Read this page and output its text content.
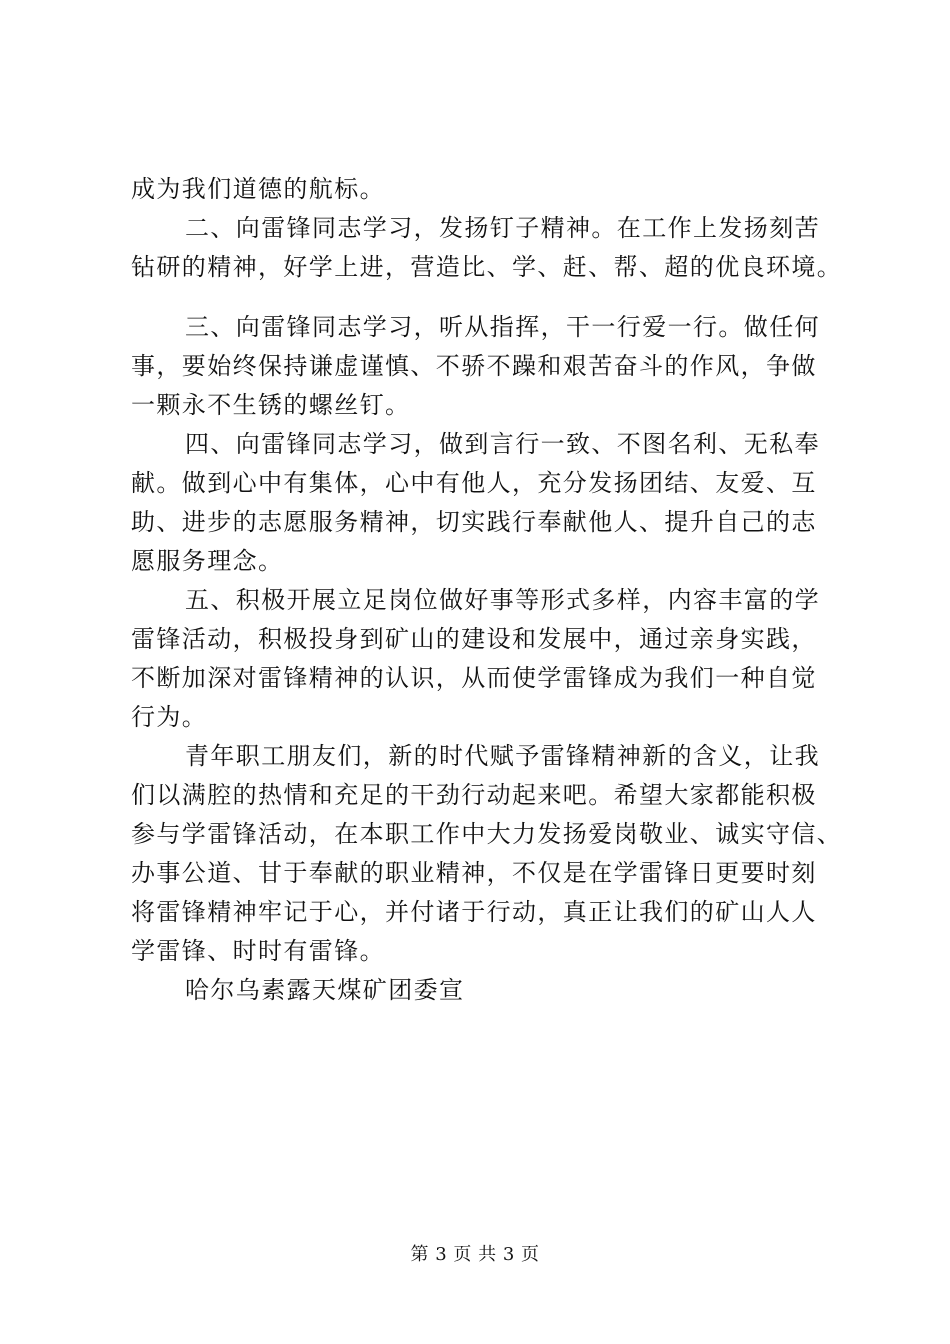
成为我们道德的航标。
二、向雷锋同志学习，发扬钉子精神。在工作上发扬刻苦
钻研的精神，好学上进，营造比、学、赶、帮、超的优良环境。
三、向雷锋同志学习，听从指挥，干一行爱一行。做任何
事，要始终保持谦虚谨慎、不骄不躁和艰苦奋斗的作风，争做
一颗永不生锈的螺丝钉。
四、向雷锋同志学习，做到言行一致、不图名利、无私奉
献。做到心中有集体，心中有他人，充分发扬团结、友爱、互
助、进步的志愿服务精神，切实践行奉献他人、提升自己的志
愿服务理念。
五、积极开展立足岗位做好事等形式多样，内容丰富的学
雷锋活动，积极投身到矿山的建设和发展中，通过亲身实践，
不断加深对雷锋精神的认识，从而使学雷锋成为我们一种自觉
行为。
青年职工朋友们，新的时代赋予雷锋精神新的含义，让我
们以满腔的热情和充足的干劲行动起来吧。希望大家都能积极
参与学雷锋活动，在本职工作中大力发扬爱岗敬业、诚实守信、
办事公道、甘于奉献的职业精神，不仅是在学雷锋日更要时刻
将雷锋精神牢记于心，并付诸于行动，真正让我们的矿山人人
学雷锋、时时有雷锋。
哈尔乌素露天煤矿团委宣
第 3 页 共 3 页
